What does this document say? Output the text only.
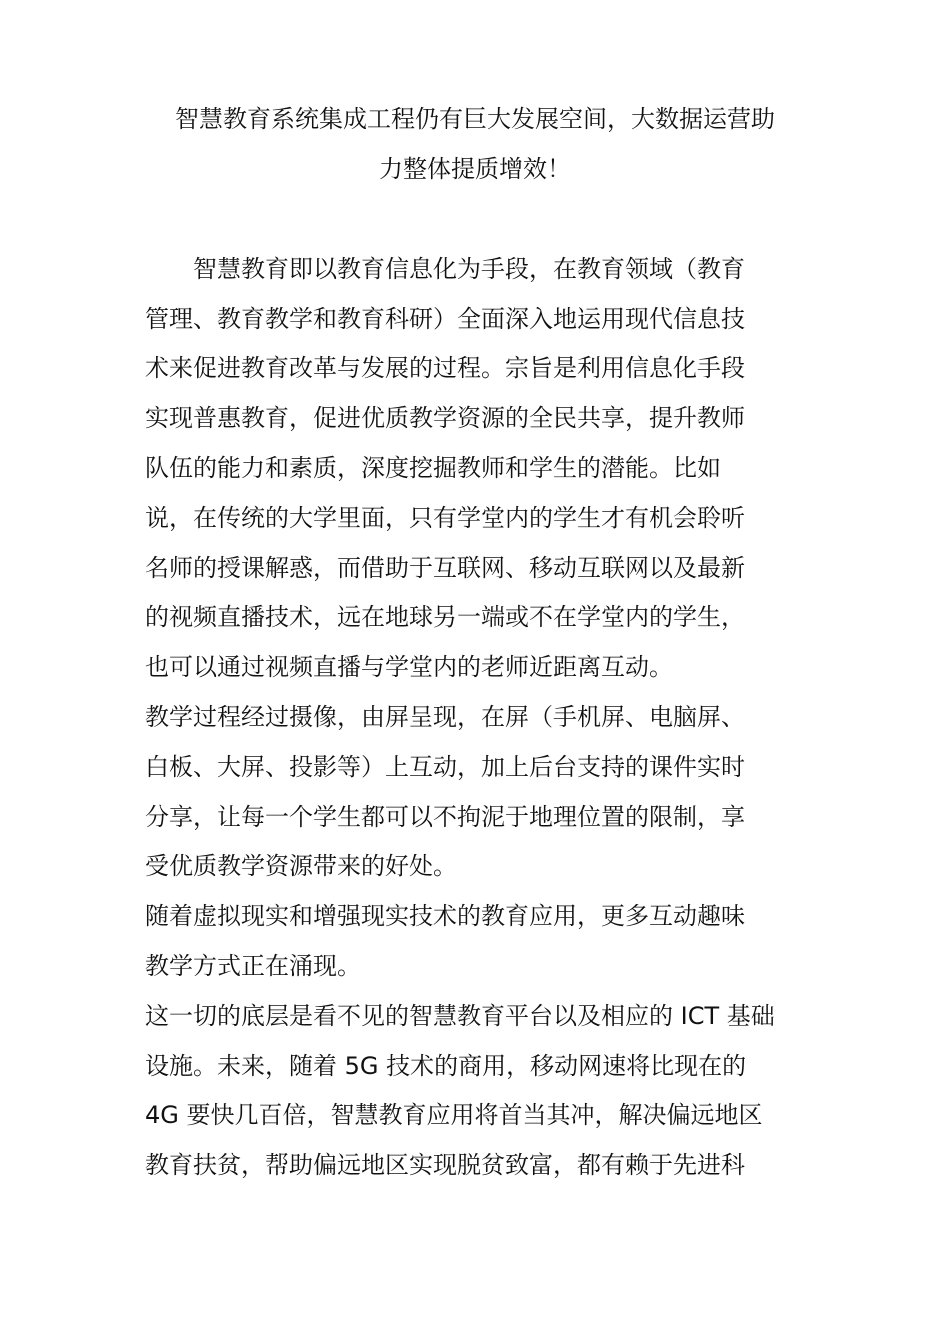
智慧教育系统集成工程仍有巨大发展空间，大数据运营助
力整体提质增效！
　　智慧教育即以教育信息化为手段，在教育领域（教育
管理、教育教学和教育科研）全面深入地运用现代信息技
术来促进教育改革与发展的过程。宗旨是利用信息化手段
实现普惠教育，促进优质教学资源的全民共享，提升教师
队伍的能力和素质，深度挖掘教师和学生的潜能。比如
说，在传统的大学里面，只有学堂内的学生才有机会聆听
名师的授课解惑，而借助于互联网、移动互联网以及最新
的视频直播技术，远在地球另一端或不在学堂内的学生，
也可以通过视频直播与学堂内的老师近距离互动。
教学过程经过摄像，由屏呈现，在屏（手机屏、电脑屏、
白板、大屏、投影等）上互动，加上后台支持的课件实时
分享，让每一个学生都可以不拘泥于地理位置的限制，享
受优质教学资源带来的好处。
随着虚拟现实和增强现实技术的教育应用，更多互动趣味
教学方式正在涌现。
这一切的底层是看不见的智慧教育平台以及相应的 ICT 基础
设施。未来，随着 5G 技术的商用，移动网速将比现在的
4G 要快几百倍，智慧教育应用将首当其冲，解决偏远地区
教育扶贫，帮助偏远地区实现脱贫致富，都有赖于先进科
